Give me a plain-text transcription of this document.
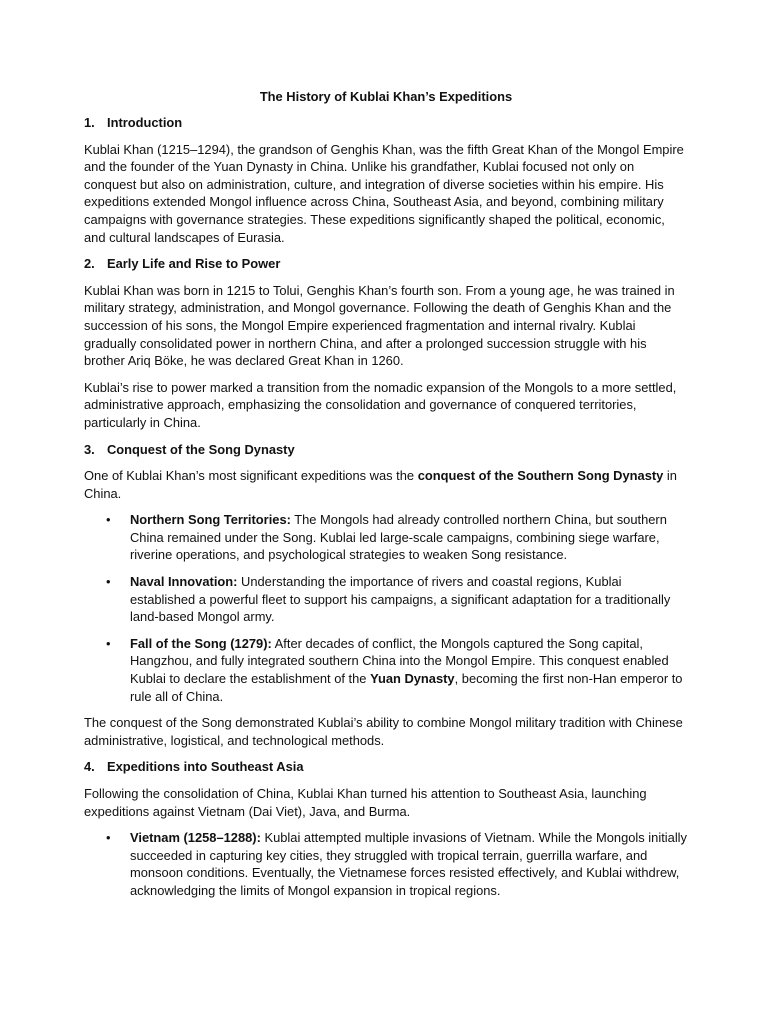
The History of Kublai Khan’s Expeditions
1. Introduction

Kublai Khan (1215–1294), the grandson of Genghis Khan, was the fifth Great Khan of the Mongol Empire and the founder of the Yuan Dynasty in China. Unlike his grandfather, Kublai focused not only on conquest but also on administration, culture, and integration of diverse societies within his empire. His expeditions extended Mongol influence across China, Southeast Asia, and beyond, combining military campaigns with governance strategies. These expeditions significantly shaped the political, economic, and cultural landscapes of Eurasia.

2. Early Life and Rise to Power

Kublai Khan was born in 1215 to Tolui, Genghis Khan’s fourth son. From a young age, he was trained in military strategy, administration, and Mongol governance. Following the death of Genghis Khan and the succession of his sons, the Mongol Empire experienced fragmentation and internal rivalry. Kublai gradually consolidated power in northern China, and after a prolonged succession struggle with his brother Ariq Böke, he was declared Great Khan in 1260.

Kublai’s rise to power marked a transition from the nomadic expansion of the Mongols to a more settled, administrative approach, emphasizing the consolidation and governance of conquered territories, particularly in China.

3. Conquest of the Song Dynasty

One of Kublai Khan’s most significant expeditions was the conquest of the Southern Song Dynasty in China.

• Northern Song Territories: The Mongols had already controlled northern China, but southern China remained under the Song. Kublai led large-scale campaigns, combining siege warfare, riverine operations, and psychological strategies to weaken Song resistance.
• Naval Innovation: Understanding the importance of rivers and coastal regions, Kublai established a powerful fleet to support his campaigns, a significant adaptation for a traditionally land-based Mongol army.
• Fall of the Song (1279): After decades of conflict, the Mongols captured the Song capital, Hangzhou, and fully integrated southern China into the Mongol Empire. This conquest enabled Kublai to declare the establishment of the Yuan Dynasty, becoming the first non-Han emperor to rule all of China.

The conquest of the Song demonstrated Kublai’s ability to combine Mongol military tradition with Chinese administrative, logistical, and technological methods.

4. Expeditions into Southeast Asia

Following the consolidation of China, Kublai Khan turned his attention to Southeast Asia, launching expeditions against Vietnam (Dai Viet), Java, and Burma.

• Vietnam (1258–1288): Kublai attempted multiple invasions of Vietnam. While the Mongols initially succeeded in capturing key cities, they struggled with tropical terrain, guerrilla warfare, and monsoon conditions. Eventually, the Vietnamese forces resisted effectively, and Kublai withdrew, acknowledging the limits of Mongol expansion in tropical regions.
